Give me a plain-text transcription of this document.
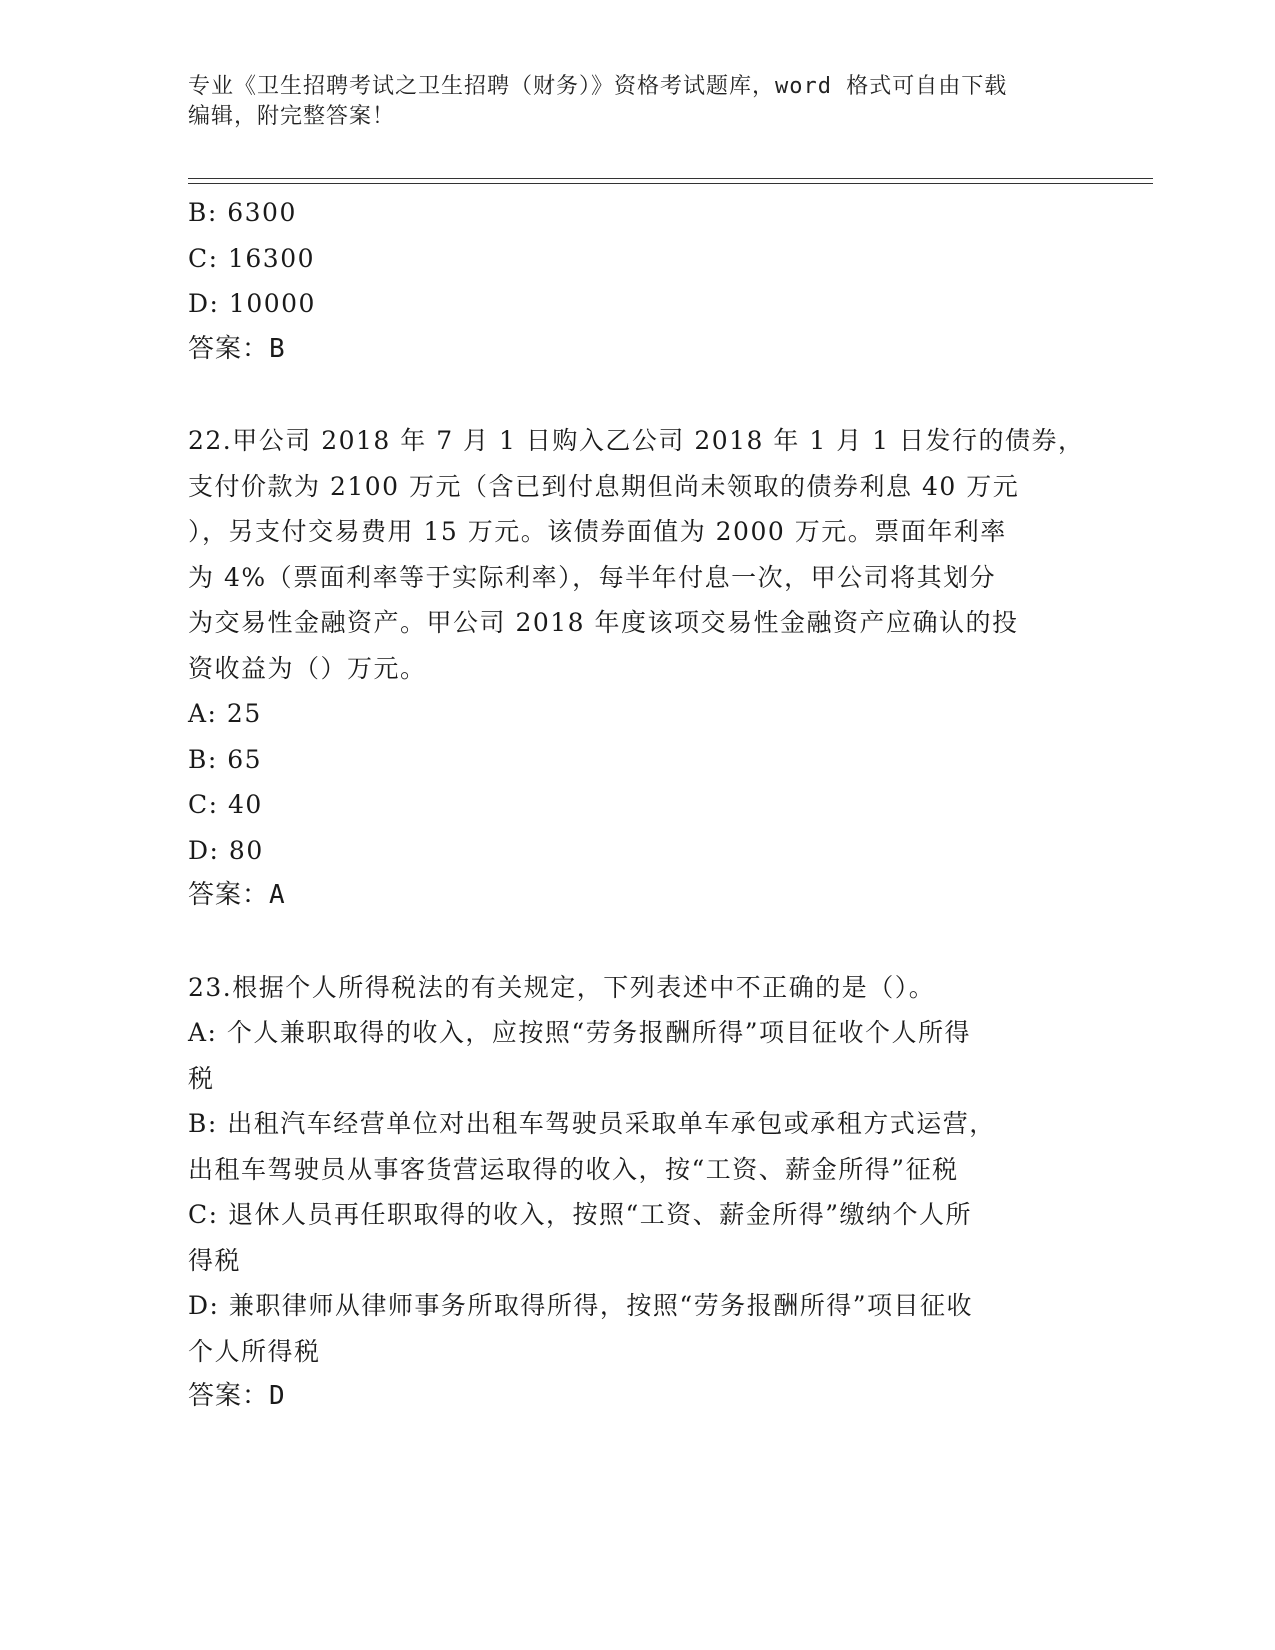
专业《卫生招聘考试之卫生招聘（财务）》资格考试题库，word 格式可自由下载
编辑，附完整答案！
B: 6300
C: 16300
D: 10000
答案：B
22.甲公司 2018 年 7 月 1 日购入乙公司 2018 年 1 月 1 日发行的债券，
支付价款为 2100 万元（含已到付息期但尚未领取的债券利息 40 万元
），另支付交易费用 15 万元。该债券面值为 2000 万元。票面年利率
为 4%（票面利率等于实际利率），每半年付息一次，甲公司将其划分
为交易性金融资产。甲公司 2018 年度该项交易性金融资产应确认的投
资收益为（）万元。
A: 25
B: 65
C: 40
D: 80
答案：A
23.根据个人所得税法的有关规定，下列表述中不正确的是（）。
A: 个人兼职取得的收入，应按照“劳务报酬所得”项目征收个人所得
税
B: 出租汽车经营单位对出租车驾驶员采取单车承包或承租方式运营，
出租车驾驶员从事客货营运取得的收入，按“工资、薪金所得”征税
C: 退休人员再任职取得的收入，按照“工资、薪金所得”缴纳个人所
得税
D: 兼职律师从律师事务所取得所得，按照“劳务报酬所得”项目征收
个人所得税
答案：D
